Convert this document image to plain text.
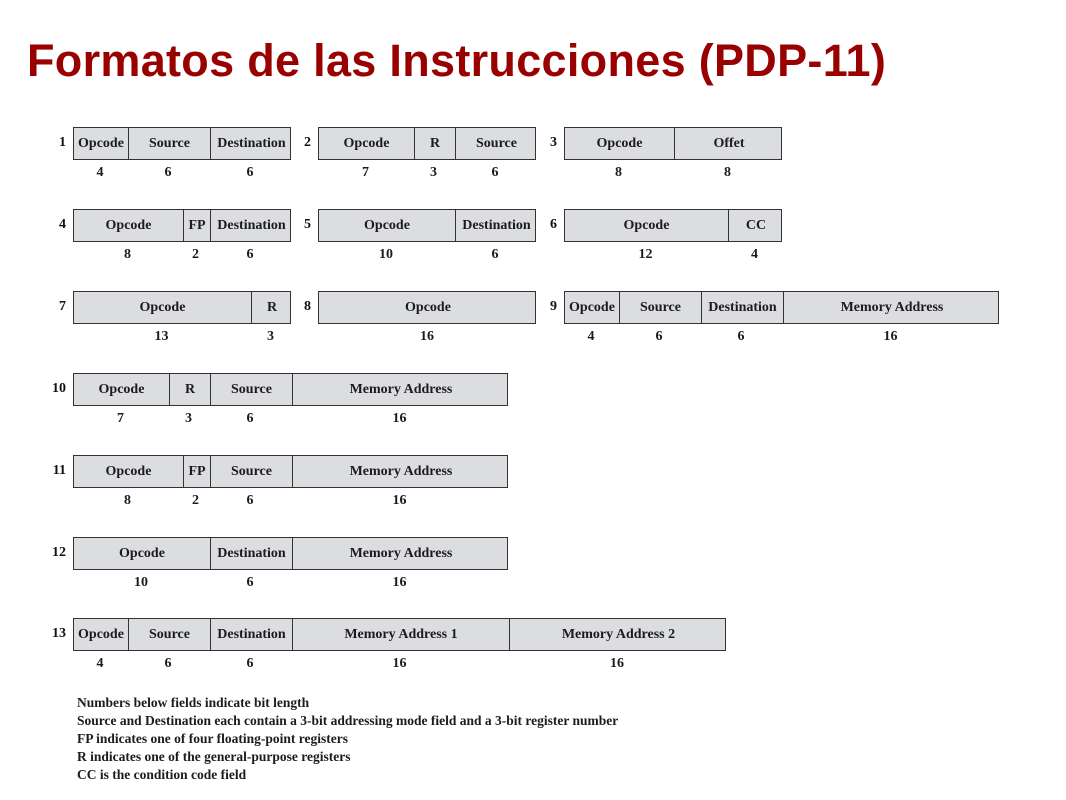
Formatos de las Instrucciones (PDP-11)
1 Opcode	Source	Destination
4	6	6
2	Opcode	R	Source
7	3	6
3	Opcode	Offet
8	8
4	Opcode	FP Destination
8	2	6
5	Opcode	Destination
10	6
6	Opcode	CC
12	4
7	Opcode	R
13	3
8	Opcode
16
9 Opcode	Source	Destination	Memory Address
4	6	6	16
10	Opcode	R	Source	Memory Address
7	3	6	16
11	Opcode	FP	Source	Memory Address
8	2	6	16
12	Opcode	Destination	Memory Address
10	6	16
13 Opcode	Source	Destination	Memory Address 1	Memory Address 2
4	6	6	16	16
Numbers below fields indicate bit length
Source and Destination each contain a 3-bit addressing mode field and a 3-bit register number
FP indicates one of four floating-point registers
R indicates one of the general-purpose registers
CC is the condition code field
